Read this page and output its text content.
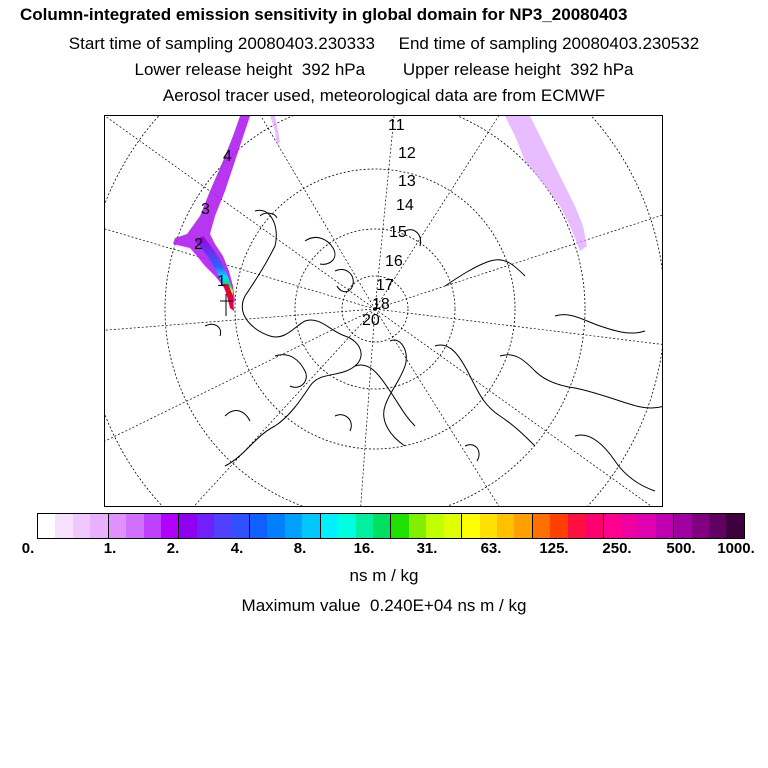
Column-integrated emission sensitivity in global domain for NP3_20080403
Start time of sampling 20080403.230333     End time of sampling 20080403.230532
Lower release height  392 hPa        Upper release height  392 hPa
Aerosol tracer used, meteorological data are from ECMWF
11
12
13
14
15
16
17
18
20
4
3
2
1
0.	1.	2.	4.	8.	16.	31.	63.	125. 250. 500. 1000.
ns m / kg
Maximum value  0.240E+04 ns m / kg
